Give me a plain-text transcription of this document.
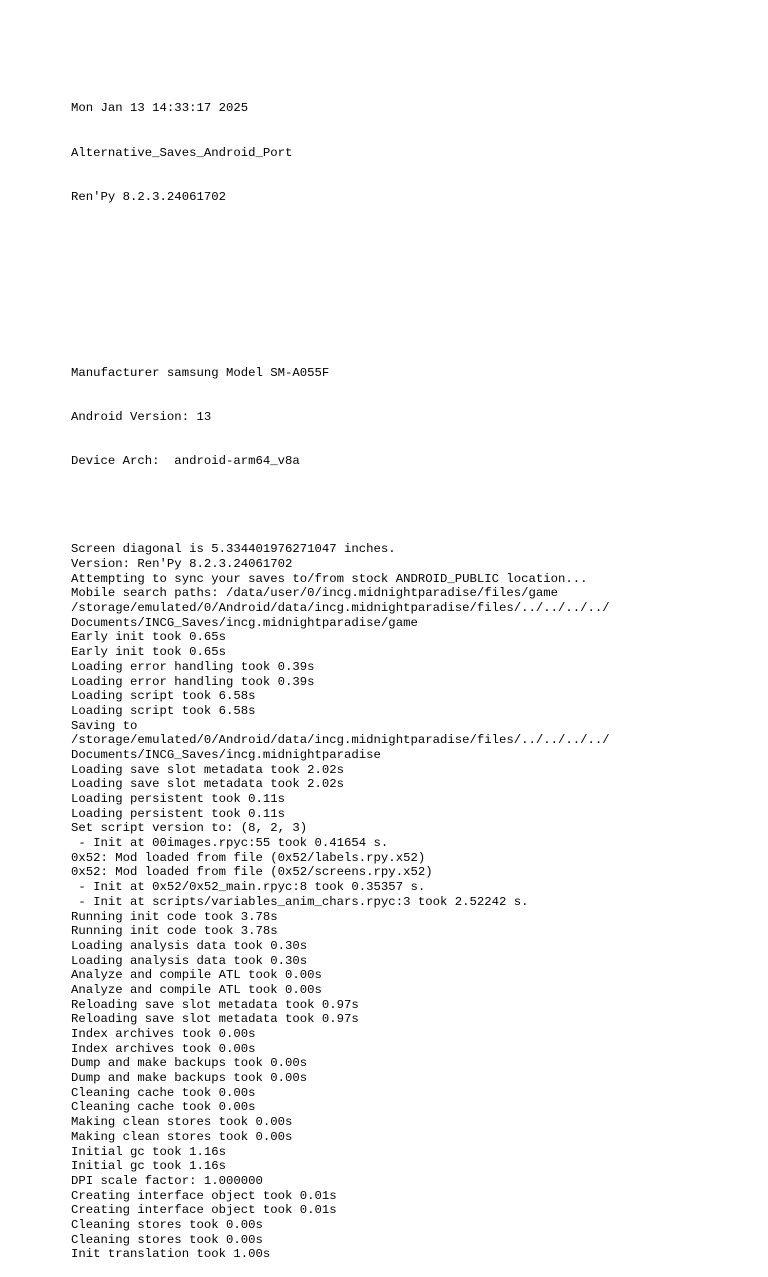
Mon Jan 13 14:33:17 2025

Alternative_Saves_Android_Port

Ren'Py 8.2.3.24061702

Manufacturer samsung Model SM-A055F

Android Version: 13

Device Arch:  android-arm64_v8a

Screen diagonal is 5.334401976271047 inches.
Version: Ren'Py 8.2.3.24061702
Attempting to sync your saves to/from stock ANDROID_PUBLIC location...
Mobile search paths: /data/user/0/incg.midnightparadise/files/game
/storage/emulated/0/Android/data/incg.midnightparadise/files/../../../../
Documents/INCG_Saves/incg.midnightparadise/game
Early init took 0.65s
Early init took 0.65s
Loading error handling took 0.39s
Loading error handling took 0.39s
Loading script took 6.58s
Loading script took 6.58s
Saving to
/storage/emulated/0/Android/data/incg.midnightparadise/files/../../../../
Documents/INCG_Saves/incg.midnightparadise
Loading save slot metadata took 2.02s
Loading save slot metadata took 2.02s
Loading persistent took 0.11s
Loading persistent took 0.11s
Set script version to: (8, 2, 3)
- Init at 00images.rpyc:55 took 0.41654 s.
0x52: Mod loaded from file (0x52/labels.rpy.x52)
0x52: Mod loaded from file (0x52/screens.rpy.x52)
- Init at 0x52/0x52_main.rpyc:8 took 0.35357 s.
- Init at scripts/variables_anim_chars.rpyc:3 took 2.52242 s.
Running init code took 3.78s
Running init code took 3.78s
Loading analysis data took 0.30s
Loading analysis data took 0.30s
Analyze and compile ATL took 0.00s
Analyze and compile ATL took 0.00s
Reloading save slot metadata took 0.97s
Reloading save slot metadata took 0.97s
Index archives took 0.00s
Index archives took 0.00s
Dump and make backups took 0.00s
Dump and make backups took 0.00s
Cleaning cache took 0.00s
Cleaning cache took 0.00s
Making clean stores took 0.00s
Making clean stores took 0.00s
Initial gc took 1.16s
Initial gc took 1.16s
DPI scale factor: 1.000000
Creating interface object took 0.01s
Creating interface object took 0.01s
Cleaning stores took 0.00s
Cleaning stores took 0.00s
Init translation took 1.00s
